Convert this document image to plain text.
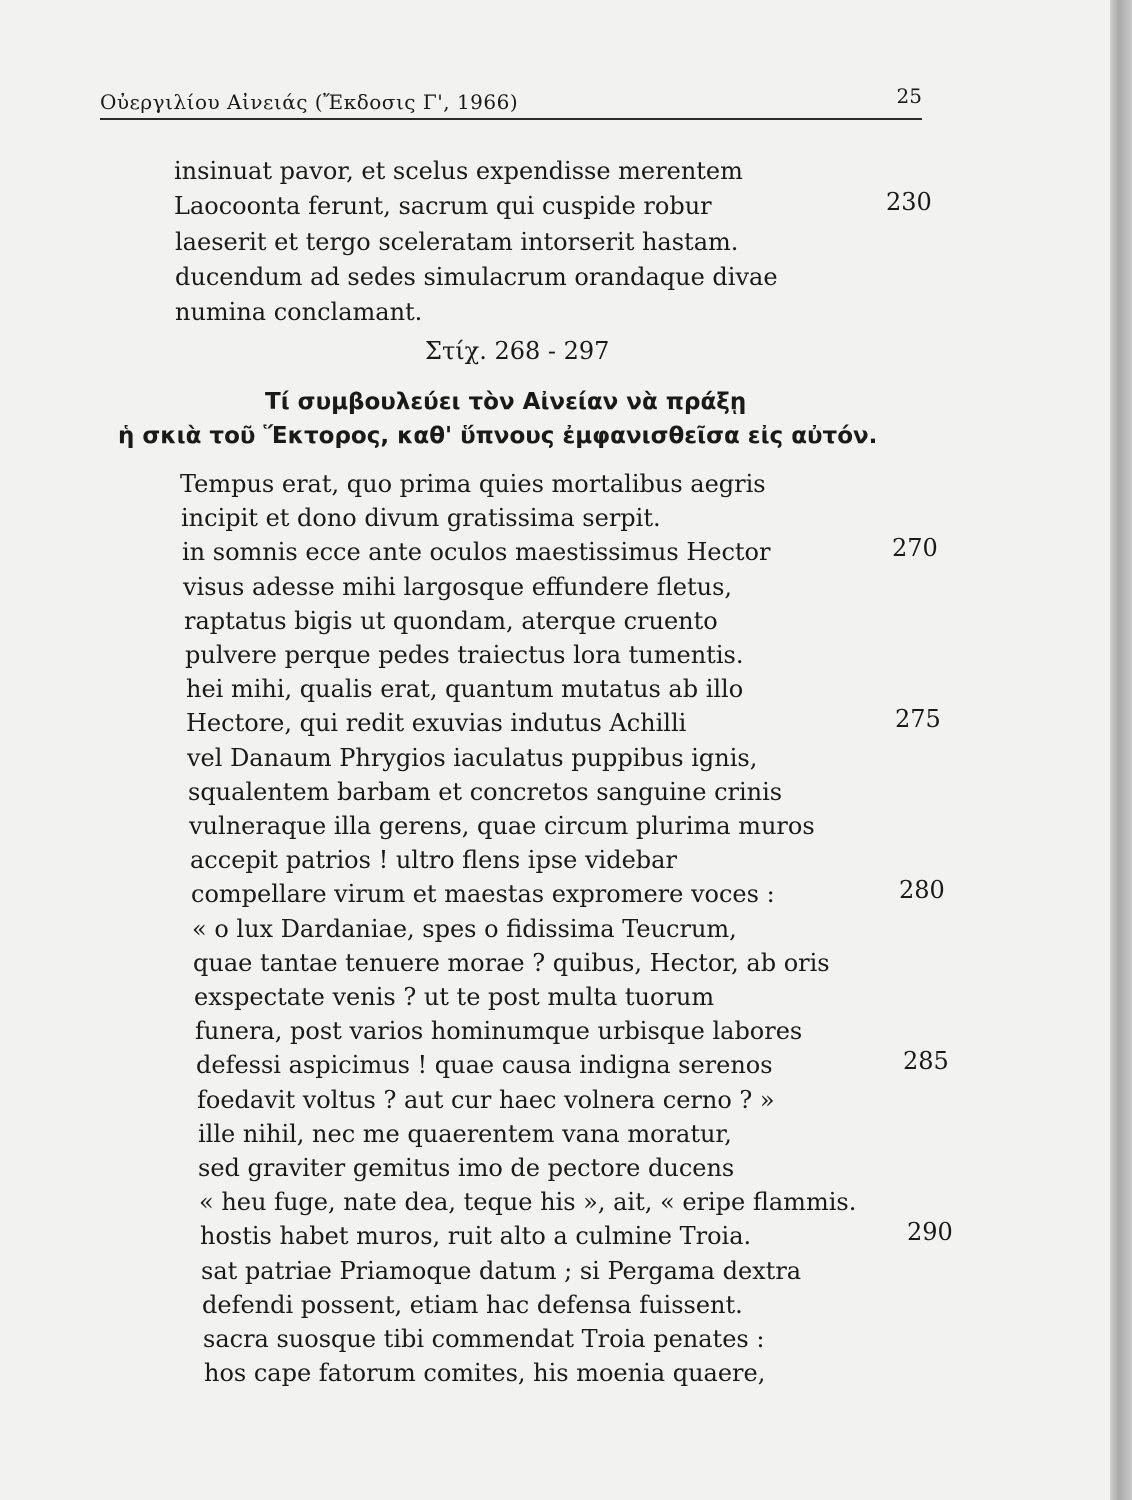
Οὐεργιλίου Αἰνειάς (Ἔκδοσις Γ', 1966)	25
insinuat pavor, et scelus expendisse merentem
Laocoonta ferunt, sacrum qui cuspide robur	230
laeserit et tergo sceleratam intorserit hastam.
ducendum ad sedes simulacrum orandaque divae
numina conclamant.
Στίχ. 268 - 297
Τί συμβουλεύει τὸν Αἰνείαν νὰ πράξῃ
ἡ σκιὰ τοῦ Ἕκτορος, καθ' ὕπνους ἐμφανισθεῖσα εἰς αὐτόν.
Tempus erat, quo prima quies mortalibus aegris
incipit et dono divum gratissima serpit.
in somnis ecce ante oculos maestissimus Hector	270
visus adesse mihi largosque effundere fletus,
raptatus bigis ut quondam, aterque cruento
pulvere perque pedes traiectus lora tumentis.
hei mihi, qualis erat, quantum mutatus ab illo
Hectore, qui redit exuvias indutus Achilli	275
vel Danaum Phrygios iaculatus puppibus ignis,
squalentem barbam et concretos sanguine crinis
vulneraque illa gerens, quae circum plurima muros
accepit patrios ! ultro flens ipse videbar
compellare virum et maestas expromere voces :	280
« o lux Dardaniae, spes o fidissima Teucrum,
quae tantae tenuere morae ? quibus, Hector, ab oris
exspectate venis ? ut te post multa tuorum
funera, post varios hominumque urbisque labores
defessi aspicimus ! quae causa indigna serenos	285
foedavit voltus ? aut cur haec volnera cerno ? »
ille nihil, nec me quaerentem vana moratur,
sed graviter gemitus imo de pectore ducens
« heu fuge, nate dea, teque his », ait, « eripe flammis.
hostis habet muros, ruit alto a culmine Troia.	290
sat patriae Priamoque datum ; si Pergama dextra
defendi possent, etiam hac defensa fuissent.
sacra suosque tibi commendat Troia penates :
hos cape fatorum comites, his moenia quaere,
